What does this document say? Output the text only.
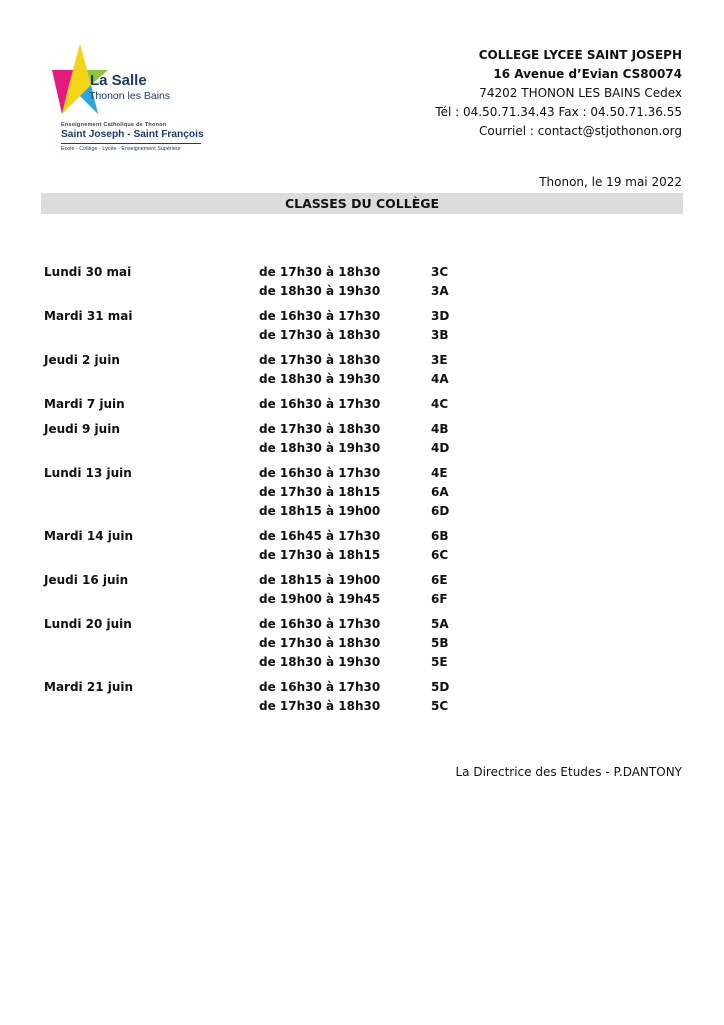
La Salle
Thonon les Bains
Enseignement Catholique de Thonon
Saint Joseph - Saint François
Ecole - Collège - Lycée - Enseignement Supérieur
COLLEGE LYCEE SAINT JOSEPH
16 Avenue d’Evian CS80074
74202 THONON LES BAINS Cedex
Tél : 04.50.71.34.43 Fax : 04.50.71.36.55
Courriel : contact@stjothonon.org
Thonon, le 19 mai 2022
CLASSES DU COLLÈGE
Lundi 30 mai	de 17h30 à 18h30	3C
de 18h30 à 19h30	3A
Mardi 31 mai	de 16h30 à 17h30	3D
de 17h30 à 18h30	3B
Jeudi 2 juin	de 17h30 à 18h30	3E
de 18h30 à 19h30	4A
Mardi 7 juin	de 16h30 à 17h30	4C
Jeudi 9 juin	de 17h30 à 18h30	4B
de 18h30 à 19h30	4D
Lundi 13 juin	de 16h30 à 17h30	4E
de 17h30 à 18h15	6A
de 18h15 à 19h00	6D
Mardi 14 juin	de 16h45 à 17h30	6B
de 17h30 à 18h15	6C
Jeudi 16 juin	de 18h15 à 19h00	6E
de 19h00 à 19h45	6F
Lundi 20 juin	de 16h30 à 17h30	5A
de 17h30 à 18h30	5B
de 18h30 à 19h30	5E
Mardi 21 juin	de 16h30 à 17h30	5D
de 17h30 à 18h30	5C
La Directrice des Etudes - P.DANTONY
